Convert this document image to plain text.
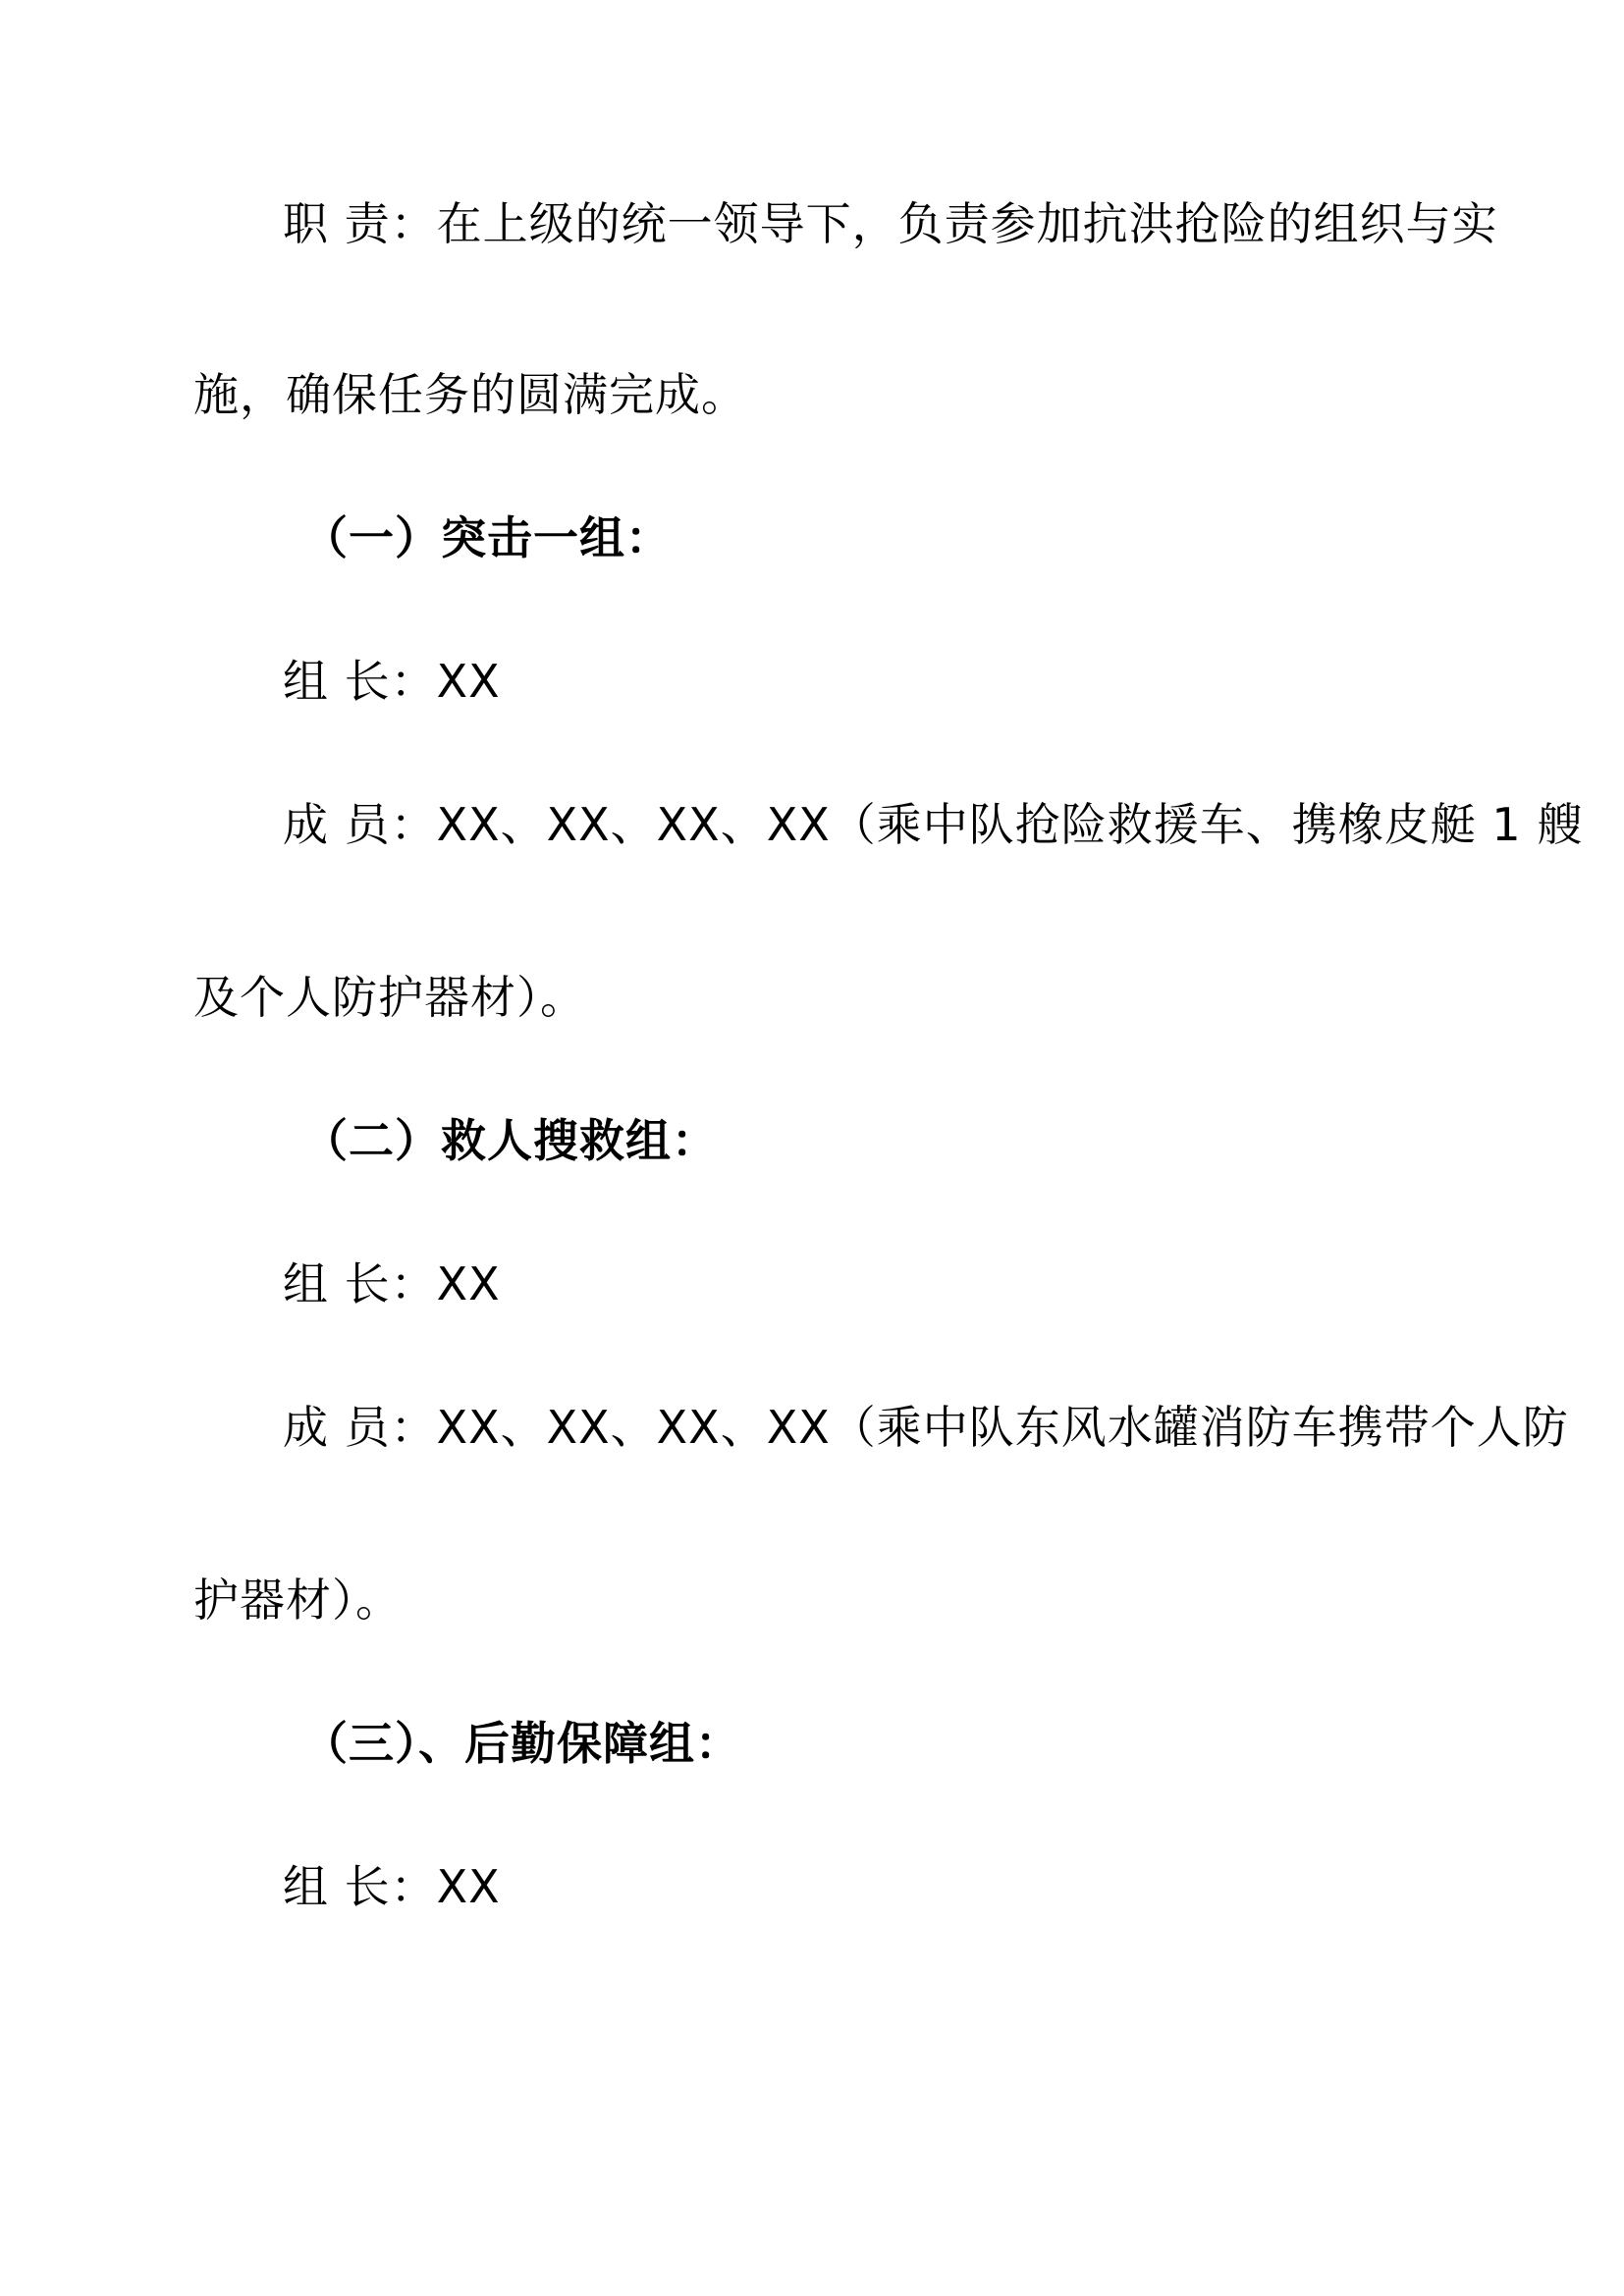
职 责：在上级的统一领导下，负责参加抗洪抢险的组织与实
施，确保任务的圆满完成。
（一）突击一组：
组 长：XX
成 员：XX、XX、XX、XX（乘中队抢险救援车、携橡皮艇 1 艘
及个人防护器材）。
（二）救人搜救组：
组 长：XX
成 员：XX、XX、XX、XX（乘中队东风水罐消防车携带个人防
护器材）。
（三）、后勤保障组：
组 长：XX
